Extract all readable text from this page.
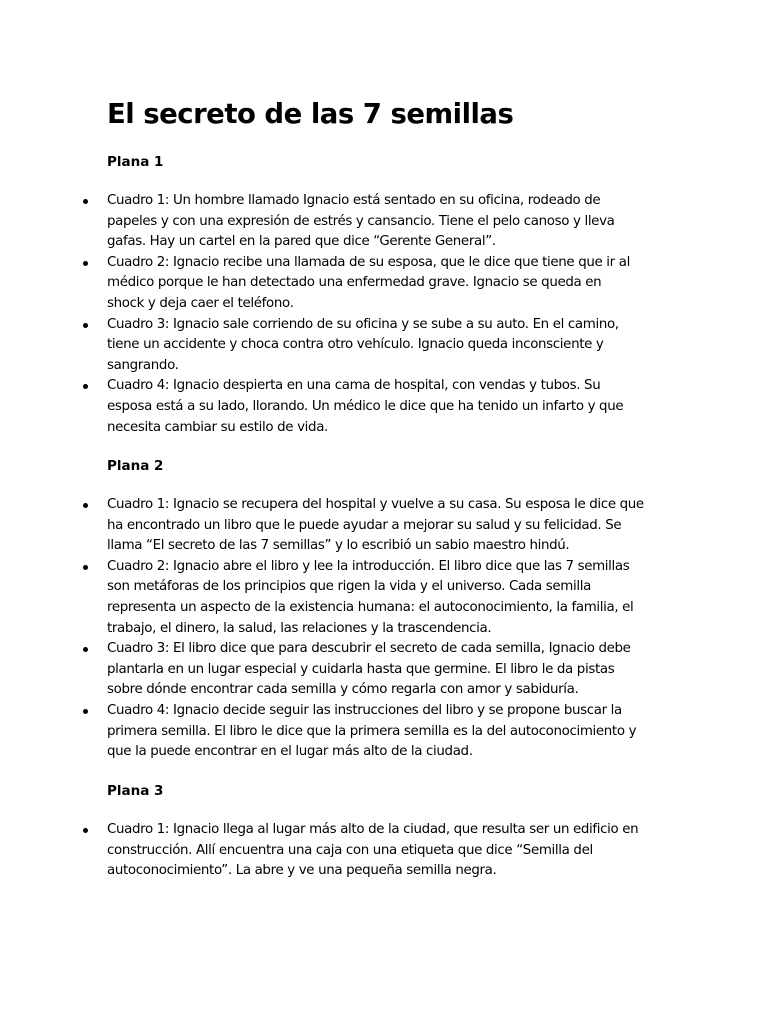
El secreto de las 7 semillas
Plana 1
Cuadro 1: Un hombre llamado Ignacio está sentado en su oficina, rodeado de
papeles y con una expresión de estrés y cansancio. Tiene el pelo canoso y lleva
gafas. Hay un cartel en la pared que dice “Gerente General”.
Cuadro 2: Ignacio recibe una llamada de su esposa, que le dice que tiene que ir al
médico porque le han detectado una enfermedad grave. Ignacio se queda en
shock y deja caer el teléfono.
Cuadro 3: Ignacio sale corriendo de su oficina y se sube a su auto. En el camino,
tiene un accidente y choca contra otro vehículo. Ignacio queda inconsciente y
sangrando.
Cuadro 4: Ignacio despierta en una cama de hospital, con vendas y tubos. Su
esposa está a su lado, llorando. Un médico le dice que ha tenido un infarto y que
necesita cambiar su estilo de vida.
Plana 2
Cuadro 1: Ignacio se recupera del hospital y vuelve a su casa. Su esposa le dice que
ha encontrado un libro que le puede ayudar a mejorar su salud y su felicidad. Se
llama “El secreto de las 7 semillas” y lo escribió un sabio maestro hindú.
Cuadro 2: Ignacio abre el libro y lee la introducción. El libro dice que las 7 semillas
son metáforas de los principios que rigen la vida y el universo. Cada semilla
representa un aspecto de la existencia humana: el autoconocimiento, la familia, el
trabajo, el dinero, la salud, las relaciones y la trascendencia.
Cuadro 3: El libro dice que para descubrir el secreto de cada semilla, Ignacio debe
plantarla en un lugar especial y cuidarla hasta que germine. El libro le da pistas
sobre dónde encontrar cada semilla y cómo regarla con amor y sabiduría.
Cuadro 4: Ignacio decide seguir las instrucciones del libro y se propone buscar la
primera semilla. El libro le dice que la primera semilla es la del autoconocimiento y
que la puede encontrar en el lugar más alto de la ciudad.
Plana 3
Cuadro 1: Ignacio llega al lugar más alto de la ciudad, que resulta ser un edificio en
construcción. Allí encuentra una caja con una etiqueta que dice “Semilla del
autoconocimiento”. La abre y ve una pequeña semilla negra.
